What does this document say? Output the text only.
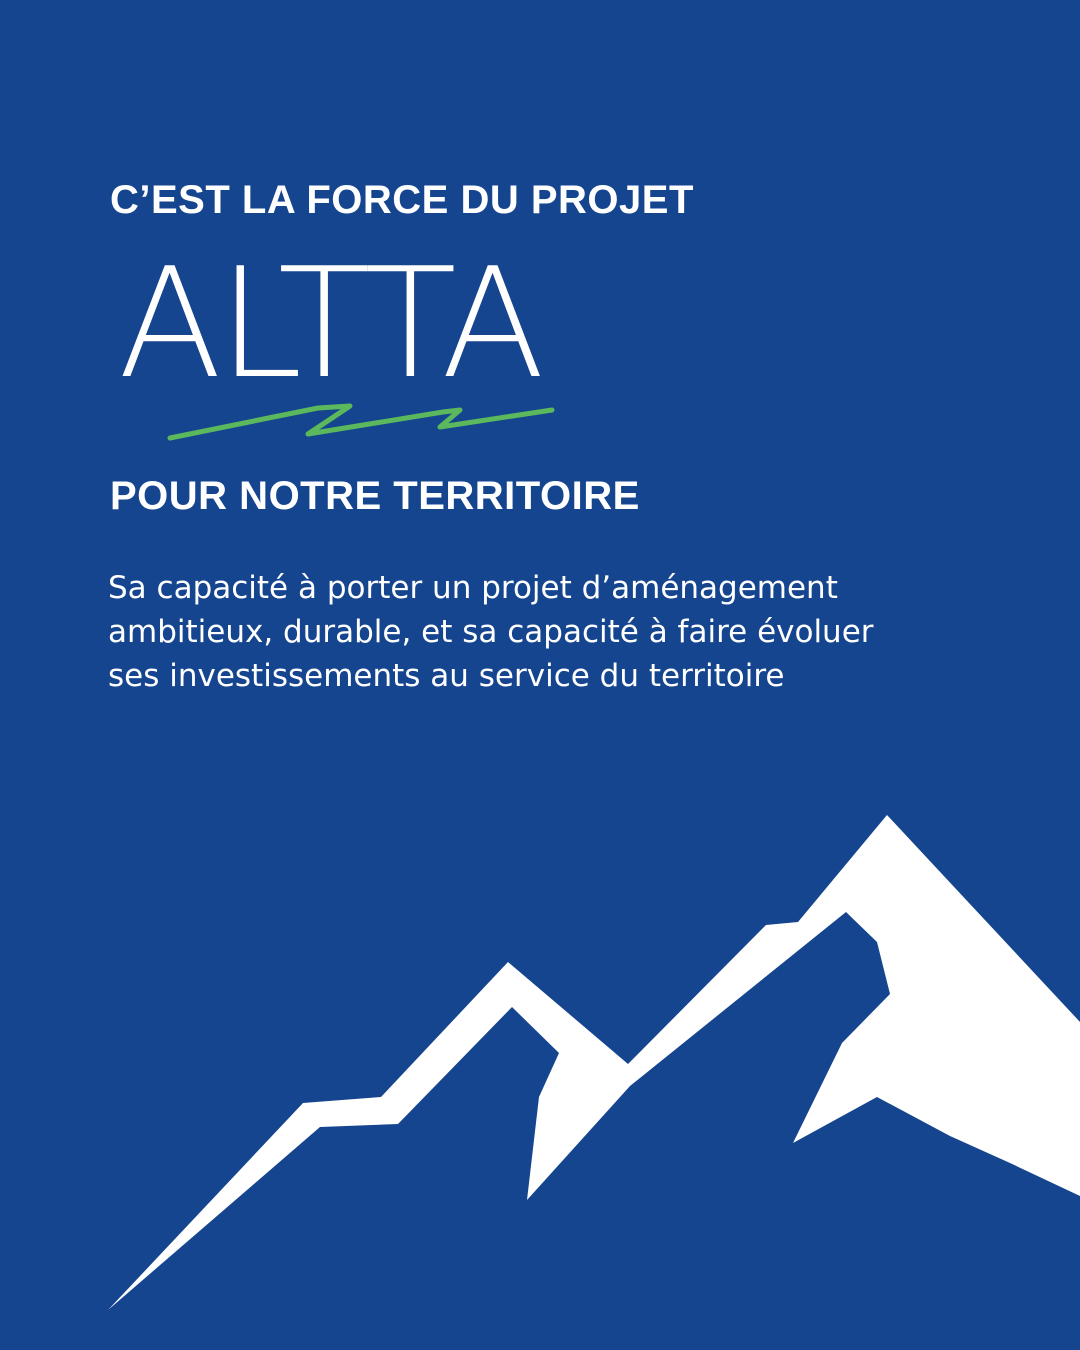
C’EST LA FORCE DU PROJET
ALTTA
POUR NOTRE TERRITOIRE

Sa capacité à porter un projet d’aménagement
ambitieux, durable, et sa capacité à faire évoluer
ses investissements au service du territoire
